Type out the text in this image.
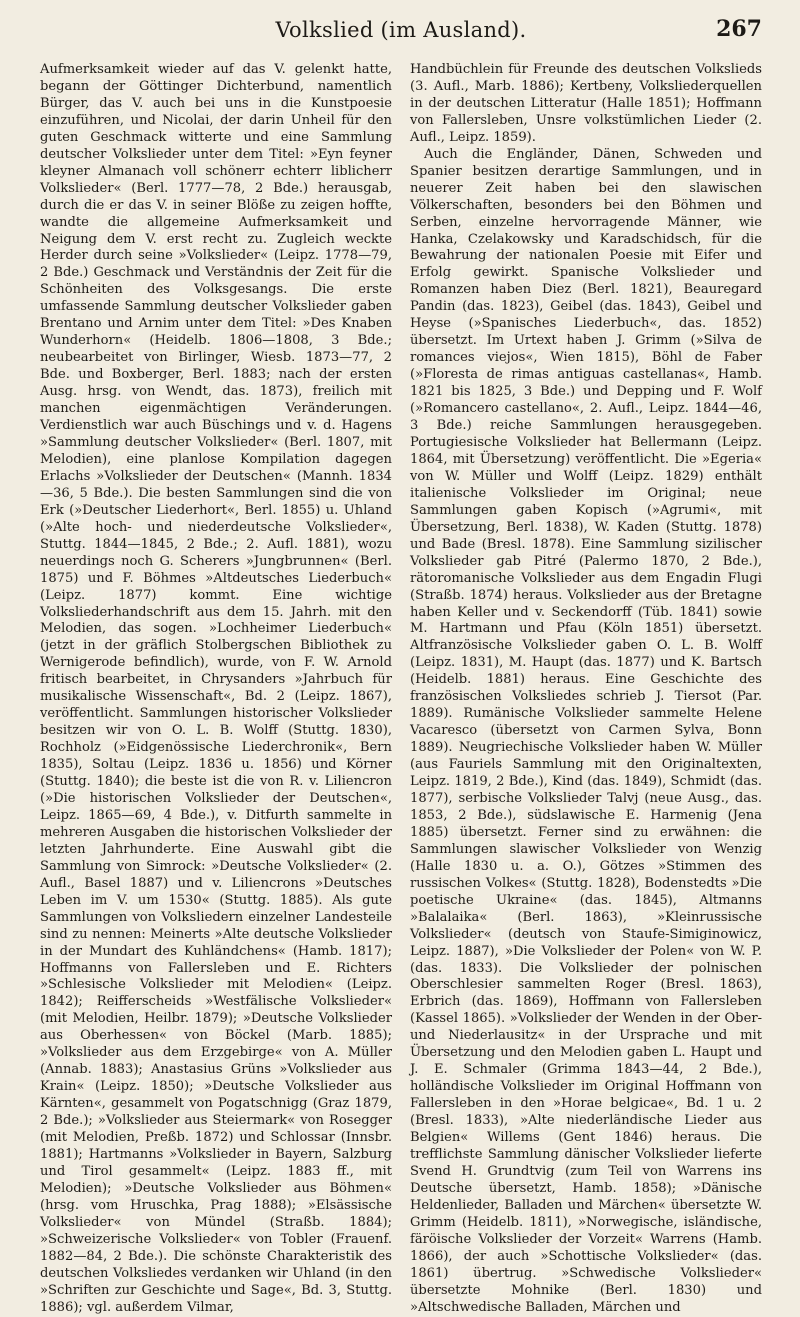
Volkslied (im Ausland).	267

Aufmerksamkeit wieder auf das V. gelenkt hatte, begann der Göttinger Dichterbund, namentlich Bürger, das V. auch bei uns in die Kunstpoesie einzuführen, und Nicolai, der darin Unheil für den guten Geschmack witterte und eine Sammlung deutscher Volkslieder unter dem Titel: »Eyn feyner kleyner Almanach voll schönerr echterr liblicherr Volkslieder« (Berl. 1777—78, 2 Bde.) herausgab, durch die er das V. in seiner Blöße zu zeigen hoffte, wandte die allgemeine Aufmerksamkeit und Neigung dem V. erst recht zu. Zugleich weckte Herder durch seine »Volkslieder« (Leipz. 1778—79, 2 Bde.) Geschmack und Verständnis der Zeit für die Schönheiten des Volksgesangs. Die erste umfassende Sammlung deutscher Volkslieder gaben Brentano und Arnim unter dem Titel: »Des Knaben Wunderhorn« (Heidelb. 1806—1808, 3 Bde.; neubearbeitet von Birlinger, Wiesb. 1873—77, 2 Bde. und Boxberger, Berl. 1883; nach der ersten Ausg. hrsg. von Wendt, das. 1873), freilich mit manchen eigenmächtigen Veränderungen. Verdienstlich war auch Büschings und v. d. Hagens »Sammlung deutscher Volkslieder« (Berl. 1807, mit Melodien), eine planlose Kompilation dagegen Erlachs »Volkslieder der Deutschen« (Mannh. 1834—36, 5 Bde.). Die besten Sammlungen sind die von Erk (»Deutscher Liederhort«, Berl. 1855) u. Uhland (»Alte hoch- und niederdeutsche Volkslieder«, Stuttg. 1844—1845, 2 Bde.; 2. Aufl. 1881), wozu neuerdings noch G. Scherers »Jungbrunnen« (Berl. 1875) und F. Böhmes »Altdeutsches Liederbuch« (Leipz. 1877) kommt. Eine wichtige Volksliederhandschrift aus dem 15. Jahrh. mit den Melodien, das sogen. »Lochheimer Liederbuch« (jetzt in der gräflich Stolbergschen Bibliothek zu Wernigerode befindlich), wurde, von F. W. Arnold fritisch bearbeitet, in Chrysanders »Jahrbuch für musikalische Wissenschaft«, Bd. 2 (Leipz. 1867), veröffentlicht. Sammlungen historischer Volkslieder besitzen wir von O. L. B. Wolff (Stuttg. 1830), Rochholz (»Eidgenössische Liederchronik«, Bern 1835), Soltau (Leipz. 1836 u. 1856) und Körner (Stuttg. 1840); die beste ist die von R. v. Liliencron (»Die historischen Volkslieder der Deutschen«, Leipz. 1865—69, 4 Bde.), v. Ditfurth sammelte in mehreren Ausgaben die historischen Volkslieder der letzten Jahrhunderte. Eine Auswahl gibt die Sammlung von Simrock: »Deutsche Volkslieder« (2. Aufl., Basel 1887) und v. Liliencrons »Deutsches Leben im V. um 1530« (Stuttg. 1885). Als gute Sammlungen von Volksliedern einzelner Landesteile sind zu nennen: Meinerts »Alte deutsche Volkslieder in der Mundart des Kuhländchens« (Hamb. 1817); Hoffmanns von Fallersleben und E. Richters »Schlesische Volkslieder mit Melodien« (Leipz. 1842); Reifferscheids »Westfälische Volkslieder« (mit Melodien, Heilbr. 1879); »Deutsche Volkslieder aus Oberhessen« von Böckel (Marb. 1885); »Volkslieder aus dem Erzgebirge« von A. Müller (Annab. 1883); Anastasius Grüns »Volkslieder aus Krain« (Leipz. 1850); »Deutsche Volkslieder aus Kärnten«, gesammelt von Pogatschnigg (Graz 1879, 2 Bde.); »Volkslieder aus Steiermark« von Rosegger (mit Melodien, Preßb. 1872) und Schlossar (Innsbr. 1881); Hartmanns »Volkslieder in Bayern, Salzburg und Tirol gesammelt« (Leipz. 1883 ff., mit Melodien); »Deutsche Volkslieder aus Böhmen« (hrsg. vom Hruschka, Prag 1888); »Elsässische Volkslieder« von Mündel (Straßb. 1884); »Schweizerische Volkslieder« von Tobler (Frauenf. 1882—84, 2 Bde.). Die schönste Charakteristik des deutschen Volksliedes verdanken wir Uhland (in den »Schriften zur Geschichte und Sage«, Bd. 3, Stuttg. 1886); vgl. außerdem Vilmar,

Handbüchlein für Freunde des deutschen Volkslieds (3. Aufl., Marb. 1886); Kertbeny, Volksliederquellen in der deutschen Litteratur (Halle 1851); Hoffmann von Fallersleben, Unsre volkstümlichen Lieder (2. Aufl., Leipz. 1859).

Auch die Engländer, Dänen, Schweden und Spanier besitzen derartige Sammlungen, und in neuerer Zeit haben bei den slawischen Völkerschaften, besonders bei den Böhmen und Serben, einzelne hervorragende Männer, wie Hanka, Czelakowsky und Karadschidsch, für die Bewahrung der nationalen Poesie mit Eifer und Erfolg gewirkt. Spanische Volkslieder und Romanzen haben Diez (Berl. 1821), Beauregard Pandin (das. 1823), Geibel (das. 1843), Geibel und Heyse (»Spanisches Liederbuch«, das. 1852) übersetzt. Im Urtext haben J. Grimm (»Silva de romances viejos«, Wien 1815), Böhl de Faber (»Floresta de rimas antiguas castellanas«, Hamb. 1821 bis 1825, 3 Bde.) und Depping und F. Wolf (»Romancero castellano«, 2. Aufl., Leipz. 1844—46, 3 Bde.) reiche Sammlungen herausgegeben. Portugiesische Volkslieder hat Bellermann (Leipz. 1864, mit Übersetzung) veröffentlicht. Die »Egeria« von W. Müller und Wolff (Leipz. 1829) enthält italienische Volkslieder im Original; neue Sammlungen gaben Kopisch (»Agrumi«, mit Übersetzung, Berl. 1838), W. Kaden (Stuttg. 1878) und Bade (Bresl. 1878). Eine Sammlung sizilischer Volkslieder gab Pitré (Palermo 1870, 2 Bde.), rätoromanische Volkslieder aus dem Engadin Flugi (Straßb. 1874) heraus. Volkslieder aus der Bretagne haben Keller und v. Seckendorff (Tüb. 1841) sowie M. Hartmann und Pfau (Köln 1851) übersetzt. Altfranzösische Volkslieder gaben O. L. B. Wolff (Leipz. 1831), M. Haupt (das. 1877) und K. Bartsch (Heidelb. 1881) heraus. Eine Geschichte des französischen Volksliedes schrieb J. Tiersot (Par. 1889). Rumänische Volkslieder sammelte Helene Vacaresco (übersetzt von Carmen Sylva, Bonn 1889). Neugriechische Volkslieder haben W. Müller (aus Fauriels Sammlung mit den Originaltexten, Leipz. 1819, 2 Bde.), Kind (das. 1849), Schmidt (das. 1877), serbische Volkslieder Talvj (neue Ausg., das. 1853, 2 Bde.), südslawische E. Harmenig (Jena 1885) übersetzt. Ferner sind zu erwähnen: die Sammlungen slawischer Volkslieder von Wenzig (Halle 1830 u. a. O.), Götzes »Stimmen des russischen Volkes« (Stuttg. 1828), Bodenstedts »Die poetische Ukraine« (das. 1845), Altmanns »Balalaika« (Berl. 1863), »Kleinrussische Volkslieder« (deutsch von Staufe-Simiginowicz, Leipz. 1887), »Die Volkslieder der Polen« von W. P. (das. 1833). Die Volkslieder der polnischen Oberschlesier sammelten Roger (Bresl. 1863), Erbrich (das. 1869), Hoffmann von Fallersleben (Kassel 1865). »Volkslieder der Wenden in der Ober- und Niederlausitz« in der Ursprache und mit Übersetzung und den Melodien gaben L. Haupt und J. E. Schmaler (Grimma 1843—44, 2 Bde.), holländische Volkslieder im Original Hoffmann von Fallersleben in den »Horae belgicae«, Bd. 1 u. 2 (Bresl. 1833), »Alte niederländische Lieder aus Belgien« Willems (Gent 1846) heraus. Die trefflichste Sammlung dänischer Volkslieder lieferte Svend H. Grundtvig (zum Teil von Warrens ins Deutsche übersetzt, Hamb. 1858); »Dänische Heldenlieder, Balladen und Märchen« übersetzte W. Grimm (Heidelb. 1811), »Norwegische, isländische, färöische Volkslieder der Vorzeit« Warrens (Hamb. 1866), der auch »Schottische Volkslieder« (das. 1861) übertrug. »Schwedische Volkslieder« übersetzte Mohnike (Berl. 1830) und »Altschwedische Balladen, Märchen und
